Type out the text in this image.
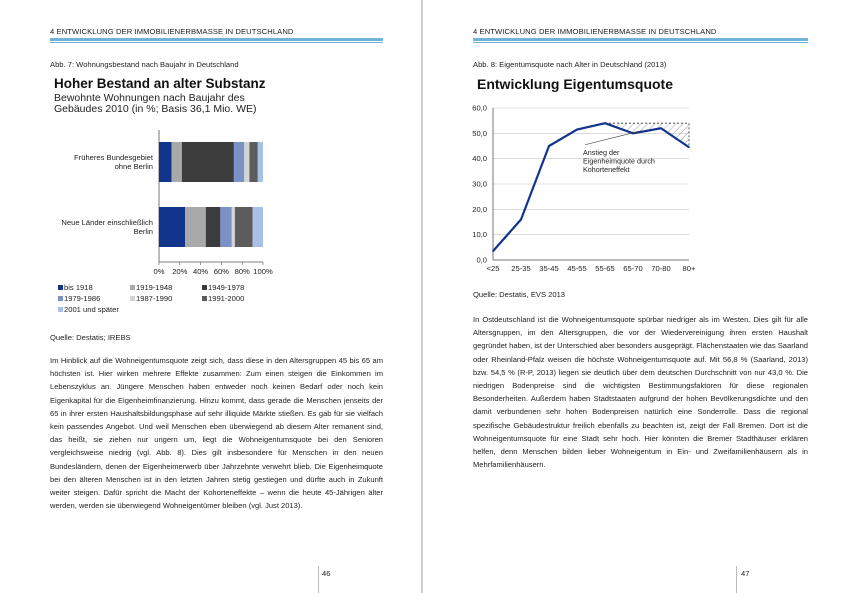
4 ENTWICKLUNG DER IMMOBILIENERBMASSE IN DEUTSCHLAND
Abb. 7: Wohnungsbestand nach Baujahr in Deutschland
Hoher Bestand an alter Substanz
Bewohnte Wohnungen nach Baujahr des
Gebäudes 2010 (in %; Basis 36,1 Mio. WE)
Früheres Bundesgebiet
ohne Berlin
Neue Länder einschließlich
Berlin
0% 20% 40% 60% 80% 100%
bis 1918	1919-1948	1949-1978
1979-1986	1987-1990	1991-2000
2001 und später
Quelle: Destatis; IREBS
Im Hinblick auf die Wohneigentumsquote zeigt sich, dass diese in den Altersgruppen 45 bis 65 am höchsten ist. Hier wirken mehrere Effekte zusammen: Zum einen steigen die Einkommen im Lebenszyklus an. Jüngere Menschen haben entweder noch keinen Bedarf oder noch kein Eigenkapital für die Eigenheimfinanzierung. Hinzu kommt, dass gerade die Menschen jenseits der 65 in ihrer ersten Haushaltsbildungsphase auf sehr illiquide Märkte stießen. Es gab für sie vielfach kein passendes Angebot. Und weil Menschen eben überwiegend ab diesem Alter remanent sind, das heißt, sie ziehen nur ungern um, liegt die Wohneigentumsquote bei den Senioren vergleichsweise niedrig (vgl. Abb. 8). Dies gilt insbesondere für Menschen in den neuen Bundesländern, denen der Eigenheimerwerb über Jahrzehnte verwehrt blieb. Die Eigenheimquote bei den älteren Menschen ist in den letzten Jahren stetig gestiegen und dürfte auch in Zukunft weiter steigen. Dafür spricht die Macht der Kohorteneffekte – wenn die heute 45-Jährigen älter werden, werden sie überwiegend Wohneigentümer bleiben (vgl. Just 2013).
46
4 ENTWICKLUNG DER IMMOBILIENERBMASSE IN DEUTSCHLAND
Abb. 8: Eigentumsquote nach Alter in Deutschland (2013)
Entwicklung Eigentumsquote
0,0
10,0
20,0
30,0
40,0
50,0
60,0
<25 25-35 35-45 45-55 55-65 65-70 70-80 80+
Anstieg der
Eigenheimquote durch
Kohorteneffekt
Quelle: Destatis, EVS 2013
In Ostdeutschland ist die Wohneigentumsquote spürbar niedriger als im Westen. Dies gilt für alle Altersgruppen, im den Altersgruppen, die vor der Wiedervereinigung ihren ersten Haushalt gegründet haben, ist der Unterschied aber besonders ausgeprägt. Flächenstaaten wie das Saarland oder Rheinland-Pfalz weisen die höchste Wohneigentumsquote auf. Mit 56,8 % (Saarland, 2013) bzw. 54,5 % (R-P, 2013) liegen sie deutlich über dem deutschen Durchschnitt von nur 43,0 %. Die niedrigen Bodenpreise sind die wichtigsten Bestimmungsfaktoren für diese regionalen Besonderheiten. Außerdem haben Stadtstaaten aufgrund der hohen Bevölkerungsdichte und den damit verbundenen sehr hohen Bodenpreisen natürlich eine Sonderrolle. Dass die regional spezifische Gebäudestruktur freilich ebenfalls zu beachten ist, zeigt der Fall Bremen. Dort ist die Wohneigentumsquote für eine Stadt sehr hoch. Hier könnten die Bremer Stadthäuser erklären helfen, denn Menschen bilden lieber Wohneigentum in Ein- und Zweifamilienhäusern als in Mehrfamilienhäusern.
47
